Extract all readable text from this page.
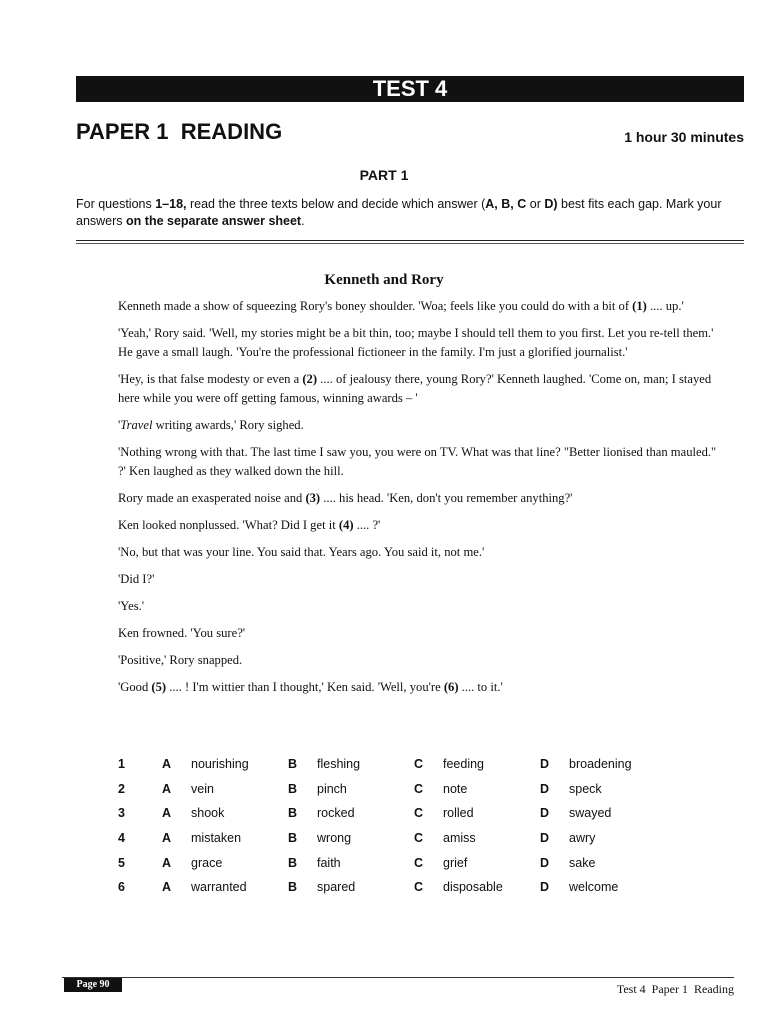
TEST 4
PAPER 1  READING	1 hour 30 minutes
PART 1
For questions 1–18, read the three texts below and decide which answer (A, B, C or D) best fits each gap. Mark your answers on the separate answer sheet.
Kenneth and Rory

Kenneth made a show of squeezing Rory's boney shoulder. 'Woa; feels like you could do with a bit of (1) .... up.'

'Yeah,' Rory said. 'Well, my stories might be a bit thin, too; maybe I should tell them to you first. Let you re-tell them.' He gave a small laugh. 'You're the professional fictioneer in the family. I'm just a glorified journalist.'

'Hey, is that false modesty or even a (2) .... of jealousy there, young Rory?' Kenneth laughed. 'Come on, man; I stayed here while you were off getting famous, winning awards – '

'Travel writing awards,' Rory sighed.

'Nothing wrong with that. The last time I saw you, you were on TV. What was that line? "Better lionised than mauled." ?' Ken laughed as they walked down the hill.

Rory made an exasperated noise and (3) .... his head. 'Ken, don't you remember anything?'

Ken looked nonplussed. 'What? Did I get it (4) .... ?'

'No, but that was your line. You said that. Years ago. You said it, not me.'

'Did I?'

'Yes.'

Ken frowned. 'You sure?'

'Positive,' Rory snapped.

'Good (5) .... ! I'm wittier than I thought,' Ken said. 'Well, you're (6) .... to it.'

1	A	nourishing	B	fleshing	C	feeding	D	broadening
2	A	vein	B	pinch	C	note	D	speck
3	A	shook	B	rocked	C	rolled	D	swayed
4	A	mistaken	B	wrong	C	amiss	D	awry
5	A	grace	B	faith	C	grief	D	sake
6	A	warranted	B	spared	C	disposable	D	welcome
Page 90	Test 4  Paper 1  Reading
